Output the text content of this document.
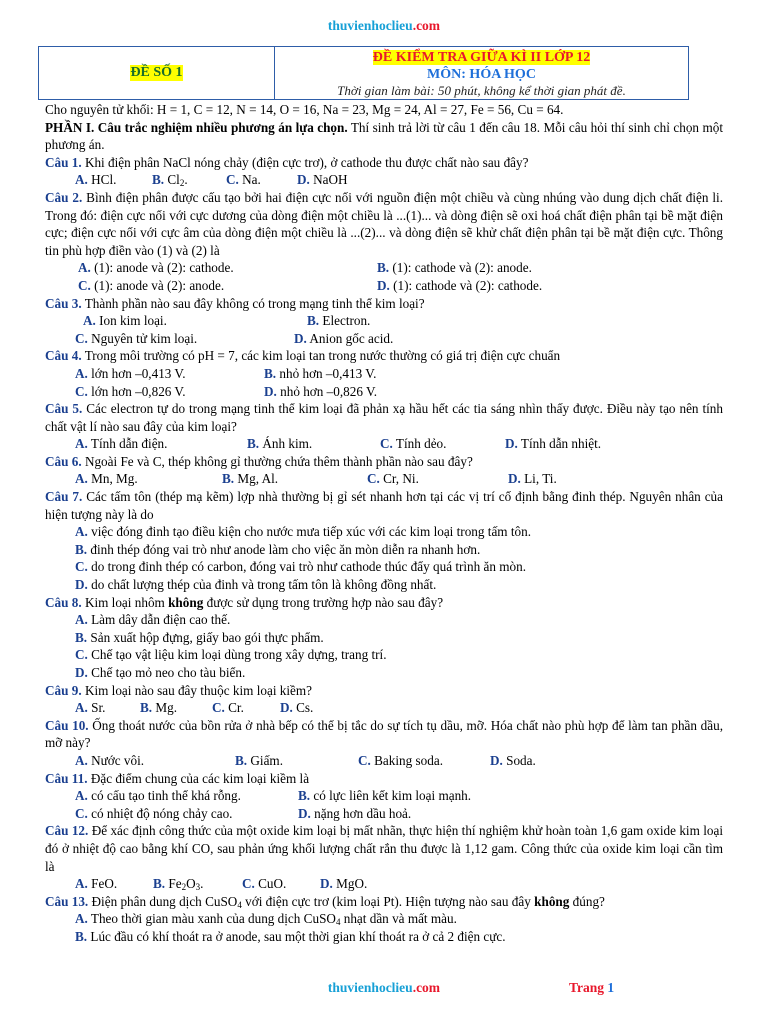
thuvienhoclieu.com
ĐỀ SỐ 1
ĐỀ KIỂM TRA GIỮA KÌ II LỚP 12
MÔN: HÓA HỌC
Thời gian làm bài: 50 phút, không kể thời gian phát đề.

Cho nguyên tử khối: H = 1, C = 12, N = 14, O = 16, Na = 23, Mg = 24, Al = 27, Fe = 56, Cu = 64.

PHẦN I. Câu trắc nghiệm nhiều phương án lựa chọn. Thí sinh trả lời từ câu 1 đến câu 18. Mỗi câu hỏi thí sinh chỉ chọn một phương án.

Câu 1. Khi điện phân NaCl nóng chảy (điện cực trơ), ở cathode thu được chất nào sau đây?

A. HCl.	B. $Cl_2$.	C. Na.	D. NaOH

Câu 2. Bình điện phân được cấu tạo bởi hai điện cực nối với nguồn điện một chiều và cùng nhúng vào dung dịch chất điện li. Trong đó: điện cực nối với cực dương của dòng điện một chiều là ...(1)... và dòng điện sẽ oxi hoá chất điện phân tại bề mặt điện cực; điện cực nối với cực âm của dòng điện một chiều là ...(2)... và dòng điện sẽ khử chất điện phân tại bề mặt điện cực. Thông tin phù hợp điền vào (1) và (2) là

A. (1): anode và (2): cathode.	B. (1): cathode và (2): anode.
C. (1): anode và (2): anode.	D. (1): cathode và (2): cathode.

Câu 3. Thành phần nào sau đây không có trong mạng tinh thể kim loại?

A. Ion kim loại.	B. Electron.
C. Nguyên tử kim loại.	D. Anion gốc acid.

Câu 4. Trong môi trường có pH = 7, các kim loại tan trong nước thường có giá trị điện cực chuẩn

A. lớn hơn –0,413 V.	B. nhỏ hơn –0,413 V.
C. lớn hơn –0,826 V.	D. nhỏ hơn –0,826 V.

Câu 5. Các electron tự do trong mạng tinh thể kim loại đã phản xạ hầu hết các tia sáng nhìn thấy được. Điều này tạo nên tính chất vật lí nào sau đây của kim loại?

A. Tính dẫn điện.	B. Ánh kim.	C. Tính dẻo.	D. Tính dẫn nhiệt.

Câu 6. Ngoài Fe và C, thép không gỉ thường chứa thêm thành phần nào sau đây?

A. Mn, Mg.	B. Mg, Al.	C. Cr, Ni.	D. Li, Ti.

Câu 7. Các tấm tôn (thép mạ kẽm) lợp nhà thường bị gỉ sét nhanh hơn tại các vị trí cố định bằng đinh thép. Nguyên nhân của hiện tượng này là do

A. việc đóng đinh tạo điều kiện cho nước mưa tiếp xúc với các kim loại trong tấm tôn.
B. đinh thép đóng vai trò như anode làm cho việc ăn mòn diễn ra nhanh hơn.
C. do trong đinh thép có carbon, đóng vai trò như cathode thúc đẩy quá trình ăn mòn.
D. do chất lượng thép của đinh và trong tấm tôn là không đồng nhất.

Câu 8. Kim loại nhôm không được sử dụng trong trường hợp nào sau đây?

A. Làm dây dẫn điện cao thế.
B. Sản xuất hộp đựng, giấy bao gói thực phẩm.
C. Chế tạo vật liệu kim loại dùng trong xây dựng, trang trí.
D. Chế tạo mỏ neo cho tàu biển.

Câu 9. Kim loại nào sau đây thuộc kim loại kiềm?

A. Sr.	B. Mg.	C. Cr.	D. Cs.

Câu 10. Ống thoát nước của bồn rửa ở nhà bếp có thể bị tắc do sự tích tụ dầu, mỡ. Hóa chất nào phù hợp để làm tan phần dầu, mỡ này?

A. Nước vôi.	B. Giấm.	C. Baking soda.	D. Soda.

Câu 11. Đặc điểm chung của các kim loại kiềm là

A. có cấu tạo tinh thể khá rỗng.	B. có lực liên kết kim loại mạnh.
C. có nhiệt độ nóng chảy cao.	D. nặng hơn dầu hoả.

Câu 12. Để xác định công thức của một oxide kim loại bị mất nhãn, thực hiện thí nghiệm khử hoàn toàn 1,6 gam oxide kim loại đó ở nhiệt độ cao bằng khí CO, sau phản ứng khối lượng chất rắn thu được là 1,12 gam. Công thức của oxide kim loại cần tìm là

A. FeO.	B. $Fe_2O_3$.	C. CuO.	D. MgO.

Câu 13. Điện phân dung dịch CuSO$_4$ với điện cực trơ (kim loại Pt). Hiện tượng nào sau đây không đúng?

A. Theo thời gian màu xanh của dung dịch CuSO$_4$ nhạt dần và mất màu.
B. Lúc đầu có khí thoát ra ở anode, sau một thời gian khí thoát ra ở cả 2 điện cực.
thuvienhoclieu.com	Trang 1
